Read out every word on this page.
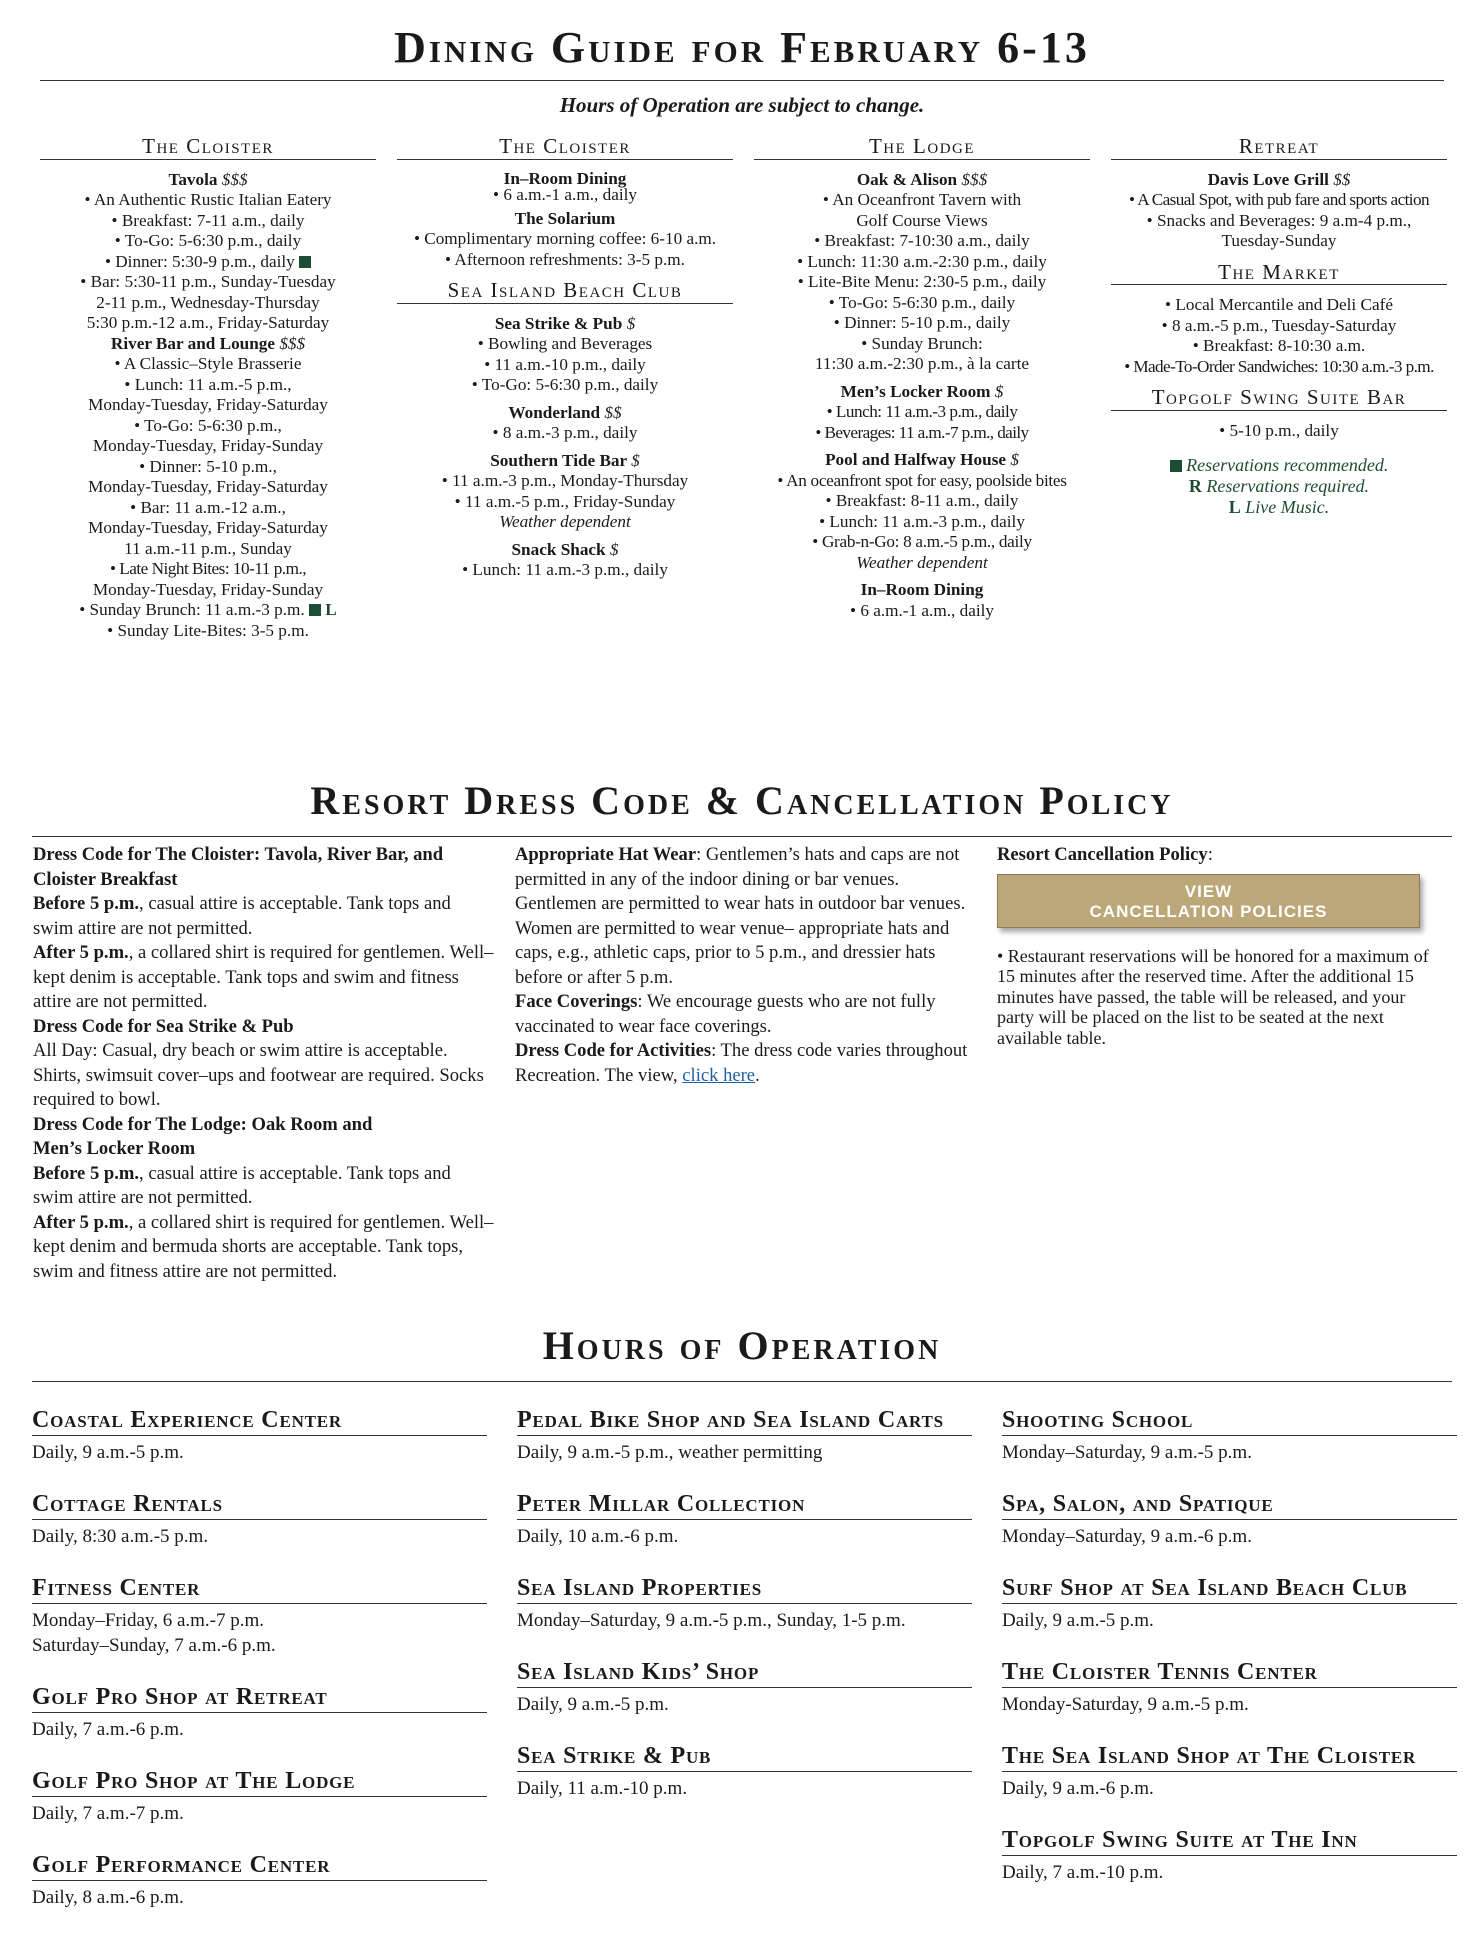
Dining Guide for February 6-13
Hours of Operation are subject to change.
The Cloister
Tavola $$$
• An Authentic Rustic Italian Eatery
• Breakfast: 7-11 a.m., daily
• To-Go: 5-6:30 p.m., daily
• Dinner: 5:30-9 p.m., daily
• Bar: 5:30-11 p.m., Sunday-Tuesday
2-11 p.m., Wednesday-Thursday
5:30 p.m.-12 a.m., Friday-Saturday
River Bar and Lounge $$$
• A Classic–Style Brasserie
• Lunch: 11 a.m.-5 p.m.,
Monday-Tuesday, Friday-Saturday
• To-Go: 5-6:30 p.m.,
Monday-Tuesday, Friday-Sunday
• Dinner: 5-10 p.m.,
Monday-Tuesday, Friday-Saturday
• Bar: 11 a.m.-12 a.m.,
Monday-Tuesday, Friday-Saturday
11 a.m.-11 p.m., Sunday
• Late Night Bites: 10-11 p.m.,
Monday-Tuesday, Friday-Sunday
• Sunday Brunch: 11 a.m.-3 p.m. L
• Sunday Lite-Bites: 3-5 p.m.
The Cloister
In–Room Dining
• 6 a.m.-1 a.m., daily
The Solarium
• Complimentary morning coffee: 6-10 a.m.
• Afternoon refreshments: 3-5 p.m.
Sea Island Beach Club
Sea Strike & Pub $
• Bowling and Beverages
• 11 a.m.-10 p.m., daily
• To-Go: 5-6:30 p.m., daily
Wonderland $$
• 8 a.m.-3 p.m., daily
Southern Tide Bar $
• 11 a.m.-3 p.m., Monday-Thursday
• 11 a.m.-5 p.m., Friday-Sunday
Weather dependent
Snack Shack $
• Lunch: 11 a.m.-3 p.m., daily
The Lodge
Oak & Alison $$$
• An Oceanfront Tavern with
Golf Course Views
• Breakfast: 7-10:30 a.m., daily
• Lunch: 11:30 a.m.-2:30 p.m., daily
• Lite-Bite Menu: 2:30-5 p.m., daily
• To-Go: 5-6:30 p.m., daily
• Dinner: 5-10 p.m., daily
• Sunday Brunch:
11:30 a.m.-2:30 p.m., à la carte
Men’s Locker Room $
• Lunch: 11 a.m.-3 p.m., daily
• Beverages: 11 a.m.-7 p.m., daily
Pool and Halfway House $
• An oceanfront spot for easy, poolside bites
• Breakfast: 8-11 a.m., daily
• Lunch: 11 a.m.-3 p.m., daily
• Grab-n-Go: 8 a.m.-5 p.m., daily
Weather dependent
In–Room Dining
• 6 a.m.-1 a.m., daily
Retreat
Davis Love Grill $$
• A Casual Spot, with pub fare and sports action
• Snacks and Beverages: 9 a.m-4 p.m.,
Tuesday-Sunday
The Market
• Local Mercantile and Deli Café
• 8 a.m.-5 p.m., Tuesday-Saturday
• Breakfast: 8-10:30 a.m.
• Made-To-Order Sandwiches: 10:30 a.m.-3 p.m.
Topgolf Swing Suite Bar
• 5-10 p.m., daily
Reservations recommended.
R Reservations required.
L Live Music.
Resort Dress Code & Cancellation Policy
Dress Code for The Cloister: Tavola, River Bar, and Cloister Breakfast
Before 5 p.m., casual attire is acceptable. Tank tops and swim attire are not permitted.
After 5 p.m., a collared shirt is required for gentlemen. Well–kept denim is acceptable. Tank tops and swim and fitness attire are not permitted.
Dress Code for Sea Strike & Pub
All Day: Casual, dry beach or swim attire is acceptable. Shirts, swimsuit cover–ups and footwear are required. Socks required to bowl.
Dress Code for The Lodge: Oak Room and Men’s Locker Room
Before 5 p.m., casual attire is acceptable. Tank tops and swim attire are not permitted.
After 5 p.m., a collared shirt is required for gentlemen. Well–kept denim and bermuda shorts are acceptable. Tank tops, swim and fitness attire are not permitted.
Appropriate Hat Wear: Gentlemen’s hats and caps are not permitted in any of the indoor dining or bar venues. Gentlemen are permitted to wear hats in outdoor bar venues. Women are permitted to wear venue– appropriate hats and caps, e.g., athletic caps, prior to 5 p.m., and dressier hats before or after 5 p.m.
Face Coverings: We encourage guests who are not fully vaccinated to wear face coverings.
Dress Code for Activities: The dress code varies throughout Recreation. The view, click here.
Resort Cancellation Policy:
VIEW
CANCELLATION POLICIES
• Restaurant reservations will be honored for a maximum of 15 minutes after the reserved time. After the additional 15 minutes have passed, the table will be released, and your party will be placed on the list to be seated at the next available table.
Hours of Operation
Coastal Experience Center
Daily, 9 a.m.-5 p.m.
Cottage Rentals
Daily, 8:30 a.m.-5 p.m.
Fitness Center
Monday–Friday, 6 a.m.-7 p.m.
Saturday–Sunday, 7 a.m.-6 p.m.
Golf Pro Shop at Retreat
Daily, 7 a.m.-6 p.m.
Golf Pro Shop at The Lodge
Daily, 7 a.m.-7 p.m.
Golf Performance Center
Daily, 8 a.m.-6 p.m.
Pedal Bike Shop and Sea Island Carts
Daily, 9 a.m.-5 p.m., weather permitting
Peter Millar Collection
Daily, 10 a.m.-6 p.m.
Sea Island Properties
Monday–Saturday, 9 a.m.-5 p.m., Sunday, 1-5 p.m.
Sea Island Kids’ Shop
Daily, 9 a.m.-5 p.m.
Sea Strike & Pub
Daily, 11 a.m.-10 p.m.
Shooting School
Monday–Saturday, 9 a.m.-5 p.m.
Spa, Salon, and Spatique
Monday–Saturday, 9 a.m.-6 p.m.
Surf Shop at Sea Island Beach Club
Daily, 9 a.m.-5 p.m.
The Cloister Tennis Center
Monday-Saturday, 9 a.m.-5 p.m.
The Sea Island Shop at The Cloister
Daily, 9 a.m.-6 p.m.
Topgolf Swing Suite at The Inn
Daily, 7 a.m.-10 p.m.
